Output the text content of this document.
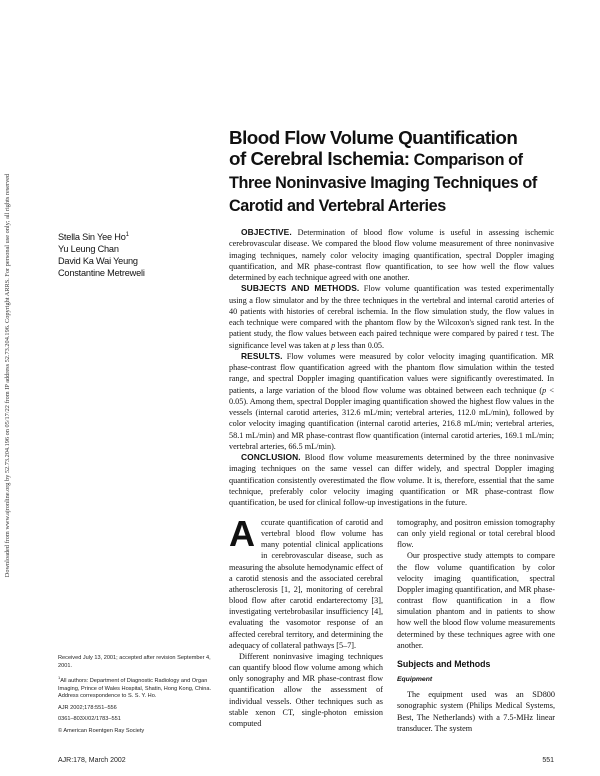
Downloaded from www.ajronline.org by 52.73.204.196 on 05/17/22 from IP address 52.73.204.196. Copyright ARRS. For personal use only; all rights reserved
Blood Flow Volume Quantification
of Cerebral Ischemia: Comparison of
Three Noninvasive Imaging Techniques of
Carotid and Vertebral Arteries
Stella Sin Yee Ho$^1$
Yu Leung Chan
David Ka Wai Yeung
Constantine Metreweli

OBJECTIVE. Determination of blood flow volume is useful in assessing ischemic cerebrovascular disease. We compared the blood flow volume measurement of three noninvasive imaging techniques, namely color velocity imaging quantification, spectral Doppler imaging quantification, and MR phase-contrast flow quantification, to see how well the flow values determined by each technique agreed with one another.

SUBJECTS AND METHODS. Flow volume quantification was tested experimentally using a flow simulator and by the three techniques in the vertebral and internal carotid arteries of 40 patients with histories of cerebral ischemia. In the flow simulation study, the flow values in each technique were compared with the phantom flow by the Wilcoxon's signed rank test. In the patient study, the flow values between each paired technique were compared by paired t test. The significance level was taken at p less than 0.05.

RESULTS. Flow volumes were measured by color velocity imaging quantification. MR phase-contrast flow quantification agreed with the phantom flow simulation within the tested range, and spectral Doppler imaging quantification values were significantly overestimated. In patients, a large variation of the blood flow volume was obtained between each technique (p < 0.05). Among them, spectral Doppler imaging quantification showed the highest flow values in the vessels (internal carotid arteries, 312.6 mL/min; vertebral arteries, 112.0 mL/min), followed by color velocity imaging quantification (internal carotid arteries, 216.8 mL/min; vertebral arteries, 58.1 mL/min) and MR phase-contrast flow quantification (internal carotid arteries, 169.1 mL/min; vertebral arteries, 66.5 mL/min).

CONCLUSION. Blood flow volume measurements determined by the three noninvasive imaging techniques on the same vessel can differ widely, and spectral Doppler imaging quantification consistently overestimated the flow volume. It is, therefore, essential that the same technique, preferably color velocity imaging quantification or MR phase-contrast flow quantification, be used for clinical follow-up investigations in the future.

Accurate quantification of carotid and vertebral blood flow volume has many potential clinical applications in cerebrovascular disease, such as measuring the absolute hemodynamic effect of a carotid stenosis and the associated cerebral atherosclerosis [1, 2], monitoring of cerebral blood flow after carotid endarterectomy [3], investigating vertebrobasilar insufficiency [4], evaluating the vasomotor response of an affected cerebral territory, and determining the adequacy of collateral pathways [5–7].

Different noninvasive imaging techniques can quantify blood flow volume among which only sonography and MR phase-contrast flow quantification allow the assessment of individual vessels. Other techniques such as stable xenon CT, single-photon emission computed

tomography, and positron emission tomography can only yield regional or total cerebral blood flow.

Our prospective study attempts to compare the flow volume quantification by color velocity imaging quantification, spectral Doppler imaging quantification, and MR phase-contrast flow quantification in a flow simulation phantom and in patients to show how well the blood flow volume measurements determined by these techniques agree with one another.

Subjects and Methods

Equipment

The equipment used was an SD800 sonographic system (Philips Medical Systems, Best, The Netherlands) with a 7.5-MHz linear transducer. The system

Received July 13, 2001; accepted after revision September 4, 2001.

$^1$All authors: Department of Diagnostic Radiology and Organ Imaging, Prince of Wales Hospital, Shatin, Hong Kong, China. Address correspondence to S. S. Y. Ho.

AJR 2002;178:551–556

0361–803X/02/1783–551

© American Roentgen Ray Society

AJR:178, March 2002	551
